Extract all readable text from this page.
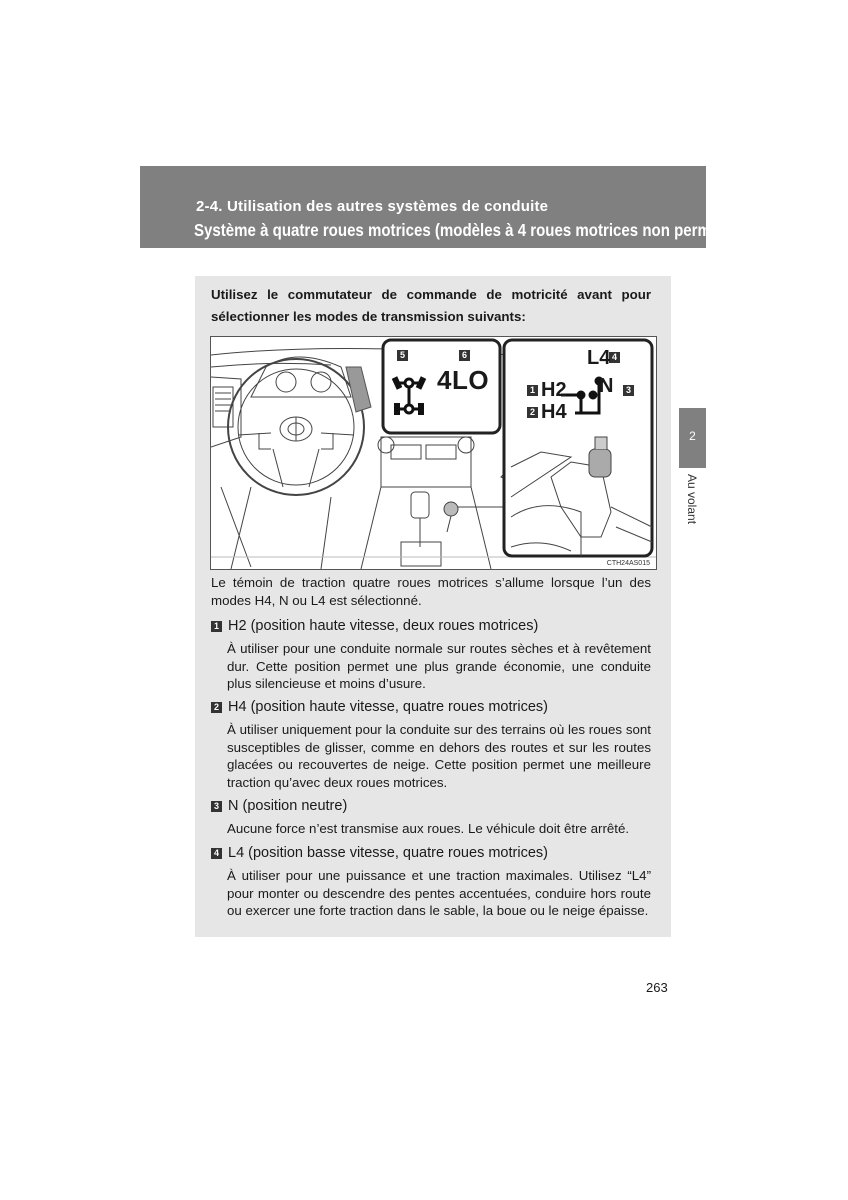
2-4. Utilisation des autres systèmes de conduite
Système à quatre roues motrices (modèles à 4 roues motrices non permanents)
2
Au volant
Utilisez le commutateur de commande de motricité avant pour sélectionner les modes de transmission suivants:
5	6
4LO
4
L4
1 H2 N	3
2 H4
CTH24AS015
Le témoin de traction quatre roues motrices s’allume lorsque l’un des modes H4, N ou L4 est sélectionné.
1 H2 (position haute vitesse, deux roues motrices)
À utiliser pour une conduite normale sur routes sèches et à revêtement dur. Cette position permet une plus grande économie, une conduite plus silencieuse et moins d’usure.
2 H4 (position haute vitesse, quatre roues motrices)
À utiliser uniquement pour la conduite sur des terrains où les roues sont susceptibles de glisser, comme en dehors des routes et sur les routes glacées ou recouvertes de neige. Cette position permet une meilleure traction qu’avec deux roues motrices.
3 N (position neutre)
Aucune force n’est transmise aux roues. Le véhicule doit être arrêté.
4 L4 (position basse vitesse, quatre roues motrices)
À utiliser pour une puissance et une traction maximales. Utilisez “L4” pour monter ou descendre des pentes accentuées, conduire hors route ou exercer une forte traction dans le sable, la boue ou le neige épaisse.
263
